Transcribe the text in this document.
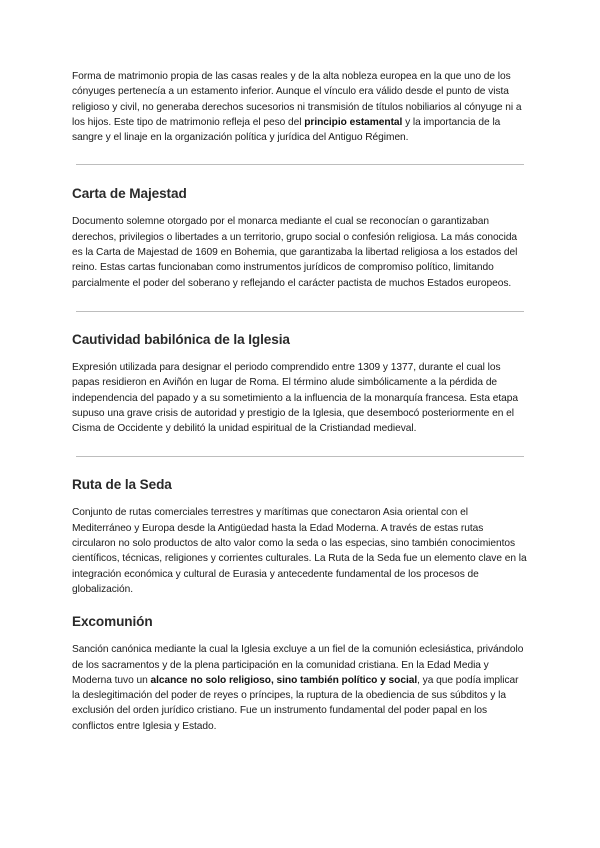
Forma de matrimonio propia de las casas reales y de la alta nobleza europea en la que uno de los cónyuges pertenecía a un estamento inferior. Aunque el vínculo era válido desde el punto de vista religioso y civil, no generaba derechos sucesorios ni transmisión de títulos nobiliarios al cónyuge ni a los hijos. Este tipo de matrimonio refleja el peso del principio estamental y la importancia de la sangre y el linaje en la organización política y jurídica del Antiguo Régimen.

Carta de Majestad

Documento solemne otorgado por el monarca mediante el cual se reconocían o garantizaban derechos, privilegios o libertades a un territorio, grupo social o confesión religiosa. La más conocida es la Carta de Majestad de 1609 en Bohemia, que garantizaba la libertad religiosa a los estados del reino. Estas cartas funcionaban como instrumentos jurídicos de compromiso político, limitando parcialmente el poder del soberano y reflejando el carácter pactista de muchos Estados europeos.

Cautividad babilónica de la Iglesia

Expresión utilizada para designar el periodo comprendido entre 1309 y 1377, durante el cual los papas residieron en Aviñón en lugar de Roma. El término alude simbólicamente a la pérdida de independencia del papado y a su sometimiento a la influencia de la monarquía francesa. Esta etapa supuso una grave crisis de autoridad y prestigio de la Iglesia, que desembocó posteriormente en el Cisma de Occidente y debilitó la unidad espiritual de la Cristiandad medieval.

Ruta de la Seda

Conjunto de rutas comerciales terrestres y marítimas que conectaron Asia oriental con el Mediterráneo y Europa desde la Antigüedad hasta la Edad Moderna. A través de estas rutas circularon no solo productos de alto valor como la seda o las especias, sino también conocimientos científicos, técnicas, religiones y corrientes culturales. La Ruta de la Seda fue un elemento clave en la integración económica y cultural de Eurasia y antecedente fundamental de los procesos de globalización.

Excomunión

Sanción canónica mediante la cual la Iglesia excluye a un fiel de la comunión eclesiástica, privándolo de los sacramentos y de la plena participación en la comunidad cristiana. En la Edad Media y Moderna tuvo un alcance no solo religioso, sino también político y social, ya que podía implicar la deslegitimación del poder de reyes o príncipes, la ruptura de la obediencia de sus súbditos y la exclusión del orden jurídico cristiano. Fue un instrumento fundamental del poder papal en los conflictos entre Iglesia y Estado.
